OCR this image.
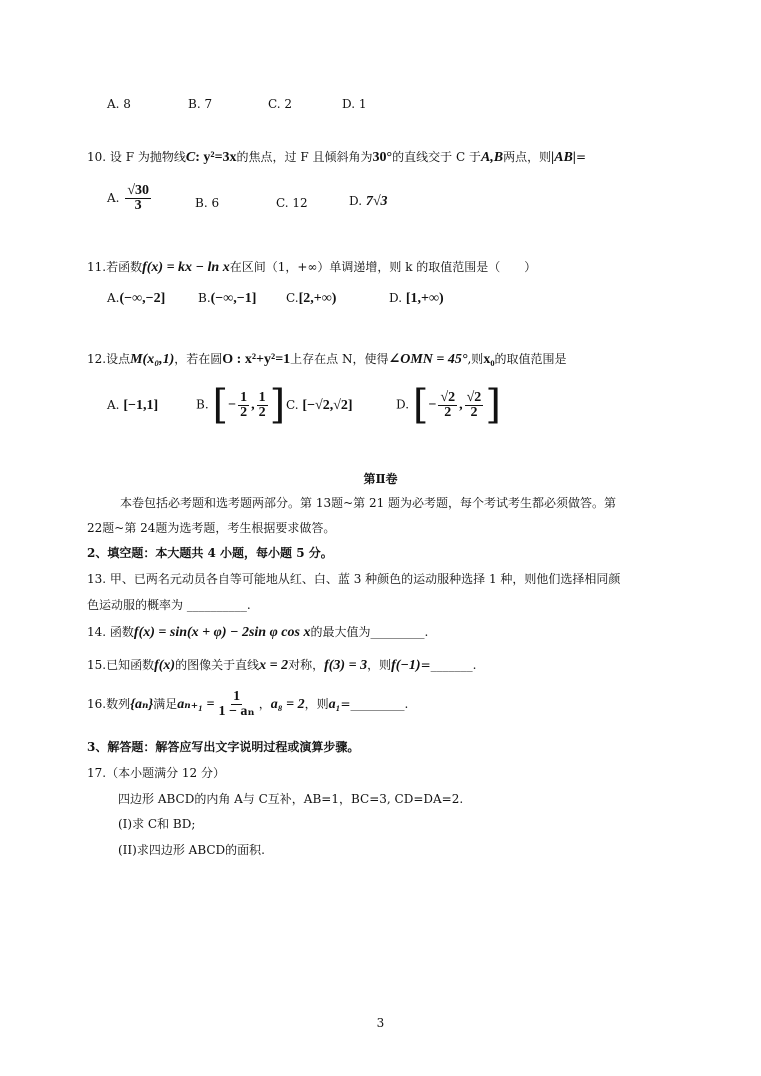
A. 8	B. 7	C. 2	D. 1
10. 设 F 为抛物线C: y²=3x的焦点，过 F 且倾斜角为30°的直线交于 C 于A,B两点，则|AB|=
A. $\frac{√30}{3}$	B. 6	C. 12	D. 7√3
11.若函数f(x) = kx − ln x在区间（1，+∞）单调递增，则 k 的取值范围是（　　）
A.(−∞,−2]	B.(−∞,−1] C.[2,+∞)	D. [1,+∞)
12.设点M(x₀,1)，若在圆O : x²+y²=1上存在点 N，使得∠OMN = 45°,则x₀的取值范围是
A. [−1,1]	B. [− $\frac{1}{2}$ , $\frac{1}{2}$ ] C. [−√2,√2]	D. [− $\frac{√2}{2}$ , $\frac{√2}{2}$ ]
第Ⅱ卷
本卷包括必考题和选考题两部分。第 13题~第 21 题为必考题，每个考试考生都必须做答。第
22题~第 24题为选考题，考生根据要求做答。
2、填空题：本大题共 4 小题，每小题 5 分。
13. 甲、已两名元动员各自等可能地从红、白、蓝 3 种颜色的运动服种选择 1 种，则他们选择相同颜
色运动服的概率为 __________.
14. 函数f(x) = sin(x + φ) − 2sin φ cos x的最大值为_________.
15.已知函数f(x)的图像关于直线x = 2对称，f(3) = 3，则f(−1)=_______.
16.数列{aₙ}满足$a_{n+1} = \frac{1}{\text{1 − aₙ}}$ ，a₈ = 2，则a₁=_________.
3、解答题：解答应写出文字说明过程或演算步骤。
17.（本小题满分 12 分）
四边形 ABCD的内角 A与 C互补，AB=1，BC=3, CD=DA=2.
(I)求 C和 BD;
(II)求四边形 ABCD的面积.
3
